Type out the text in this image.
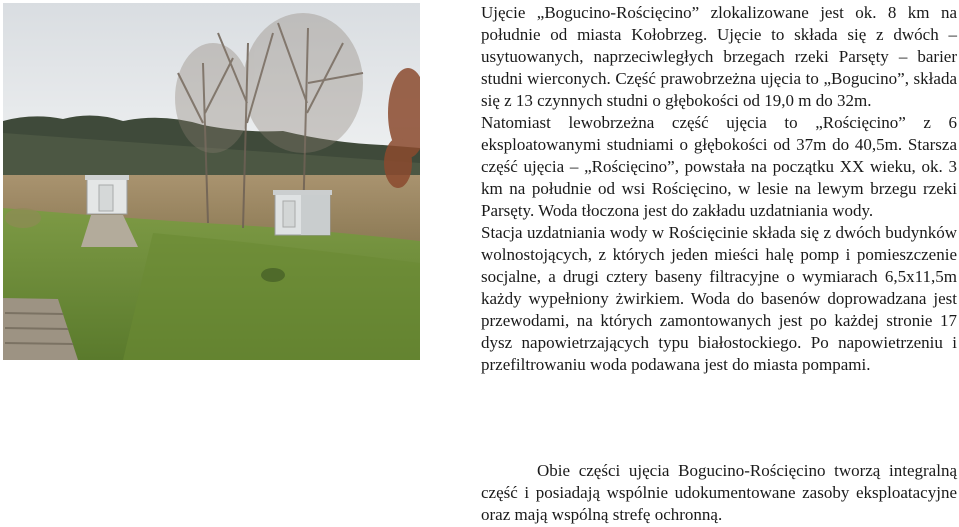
Ujęcie „Bogucino-Rościęcino” zlokalizowane jest ok. 8 km na południe od miasta Kołobrzeg. Ujęcie to składa się z dwóch – usytuowanych, naprzeciwległych brzegach rzeki Parsęty – barier studni wierconych. Część prawobrzeżna ujęcia to „Bogucino”, składa się z 13 czynnych studni o głębokości od 19,0 m do 32m.

Natomiast lewobrzeżna część ujęcia to „Rościęcino” z 6 eksploatowanymi studniami o głębokości od 37m do 40,5m. Starsza część ujęcia – „Rościęcino”, powstała na początku XX wieku, ok. 3 km na południe od wsi Rościęcino, w lesie na lewym brzegu rzeki Parsęty. Woda tłoczona jest do zakładu uzdatniania wody.

Stacja uzdatniania wody w Rościęcinie składa się z dwóch budynków wolnostojących, z których jeden mieści halę pomp i pomieszczenie socjalne, a drugi cztery baseny filtracyjne o wymiarach 6,5x11,5m każdy wypełniony żwirkiem. Woda do basenów doprowadzana jest przewodami, na których zamontowanych jest po każdej stronie 17 dysz napowietrzających typu białostockiego. Po napowietrzeniu i przefiltrowaniu woda podawana jest do miasta pompami.

Obie części ujęcia Bogucino-Rościęcino tworzą integralną część i posiadają wspólnie udokumentowane zasoby eksploatacyjne oraz mają wspólną strefę ochronną.
